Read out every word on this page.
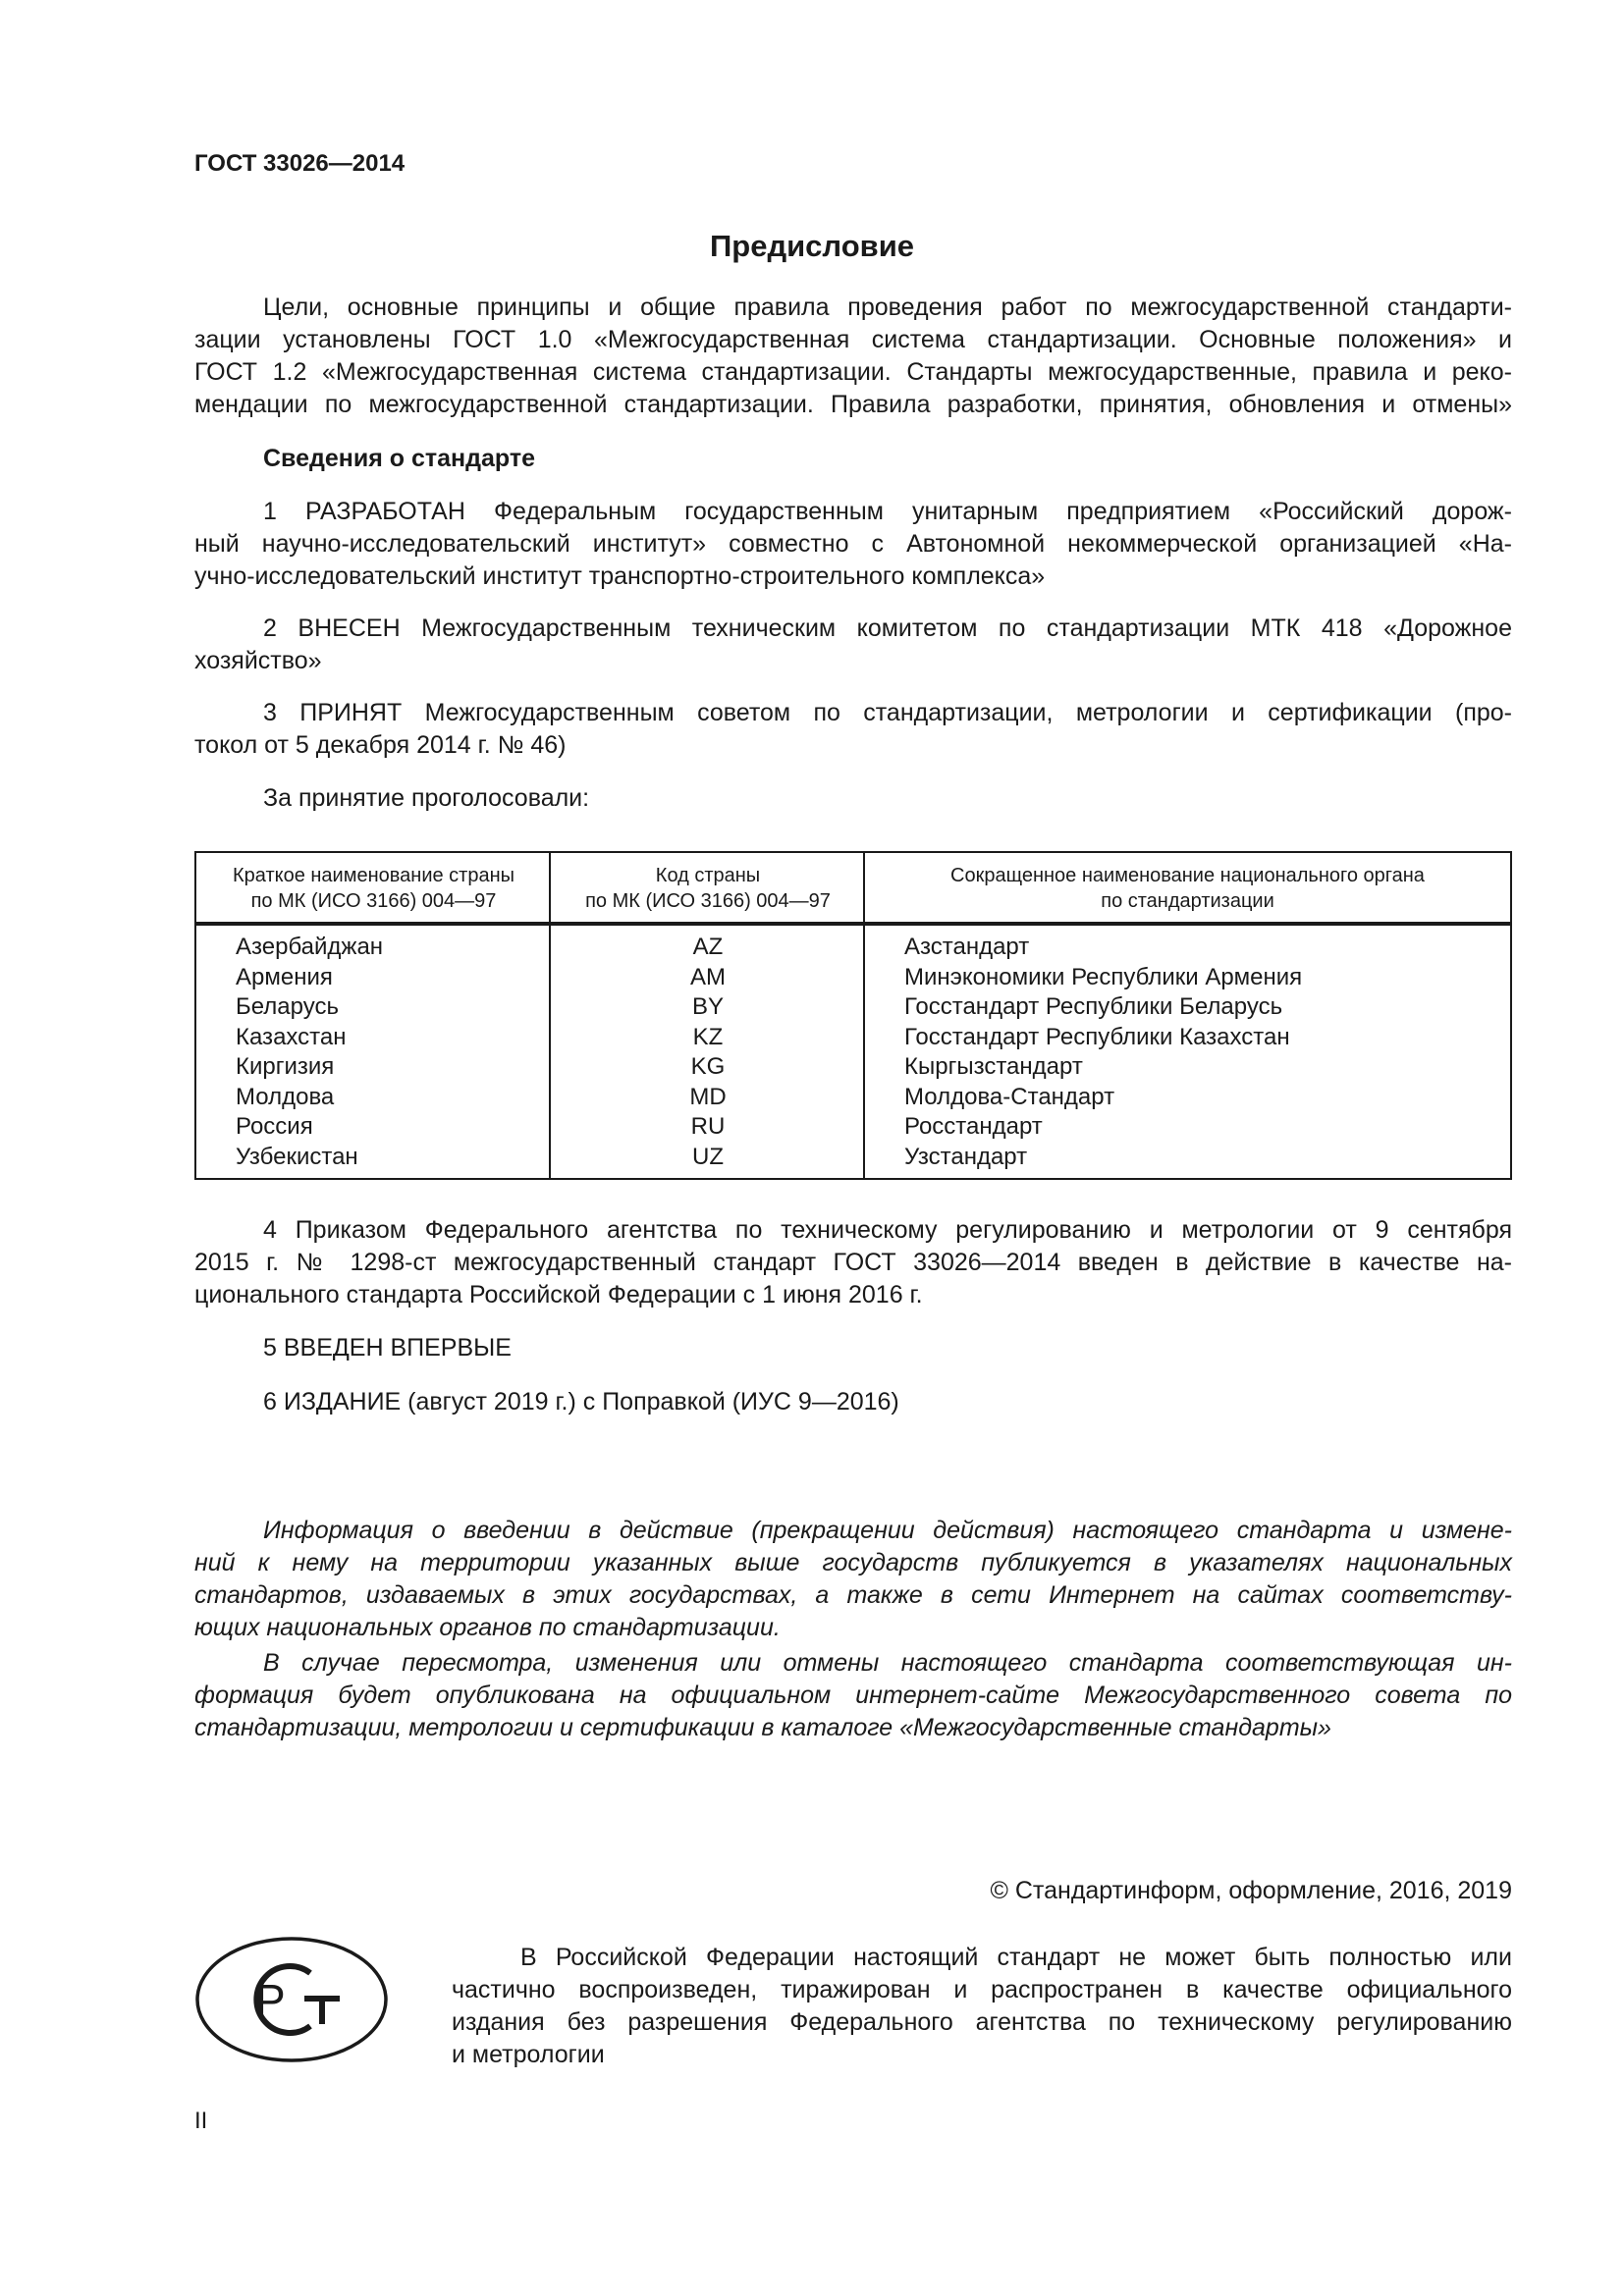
ГОСТ 33026—2014
Предисловие
Цели, основные принципы и общие правила проведения работ по межгосударственной стандарти-
зации установлены ГОСТ 1.0 «Межгосударственная система стандартизации. Основные положения» и
ГОСТ 1.2 «Межгосударственная система стандартизации. Стандарты межгосударственные, правила и реко-
мендации по межгосударственной стандартизации. Правила разработки, принятия, обновления и отмены»
Сведения о стандарте
1 РАЗРАБОТАН Федеральным государственным унитарным предприятием «Российский дорож-
ный научно-исследовательский институт» совместно с Автономной некоммерческой организацией «На-
учно-исследовательский институт транспортно-строительного комплекса»
2 ВНЕСЕН Межгосударственным техническим комитетом по стандартизации МТК 418 «Дорожное
хозяйство»
3 ПРИНЯТ Межгосударственным советом по стандартизации, метрологии и сертификации (про-
токол от 5 декабря 2014 г. № 46)
За принятие проголосовали:
Краткое наименование страны
по МК (ИСО 3166) 004—97
Код страны
по МК (ИСО 3166) 004—97
Сокращенное наименование национального органа
по стандартизации
Азербайджан
Армения
Беларусь
Казахстан
Киргизия
Молдова
Россия
Узбекистан
AZ
AM
BY
KZ
KG
MD
RU
UZ
Азстандарт
Минэкономики Республики Армения
Госстандарт Республики Беларусь
Госстандарт Республики Казахстан
Кыргызстандарт
Молдова-Стандарт
Росстандарт
Узстандарт
4 Приказом Федерального агентства по техническому регулированию и метрологии от 9 сентября
2015 г. № 1298-ст межгосударственный стандарт ГОСТ 33026—2014 введен в действие в качестве на-
ционального стандарта Российской Федерации с 1 июня 2016 г.
5 ВВЕДЕН ВПЕРВЫЕ
6 ИЗДАНИЕ (август 2019 г.) с Поправкой (ИУС 9—2016)
Информация о введении в действие (прекращении действия) настоящего стандарта и измене-
ний к нему на территории указанных выше государств публикуется в указателях национальных
стандартов, издаваемых в этих государствах, а также в сети Интернет на сайтах соответству-
ющих национальных органов по стандартизации.
В случае пересмотра, изменения или отмены настоящего стандарта соответствующая ин-
формация будет опубликована на официальном интернет-сайте Межгосударственного совета по
стандартизации, метрологии и сертификации в каталоге «Межгосударственные стандарты»
© Стандартинформ, оформление, 2016, 2019
Р
В Российской Федерации настоящий стандарт не может быть полностью или
частично воспроизведен, тиражирован и распространен в качестве официального
издания без разрешения Федерального агентства по техническому регулированию
и метрологии
II
